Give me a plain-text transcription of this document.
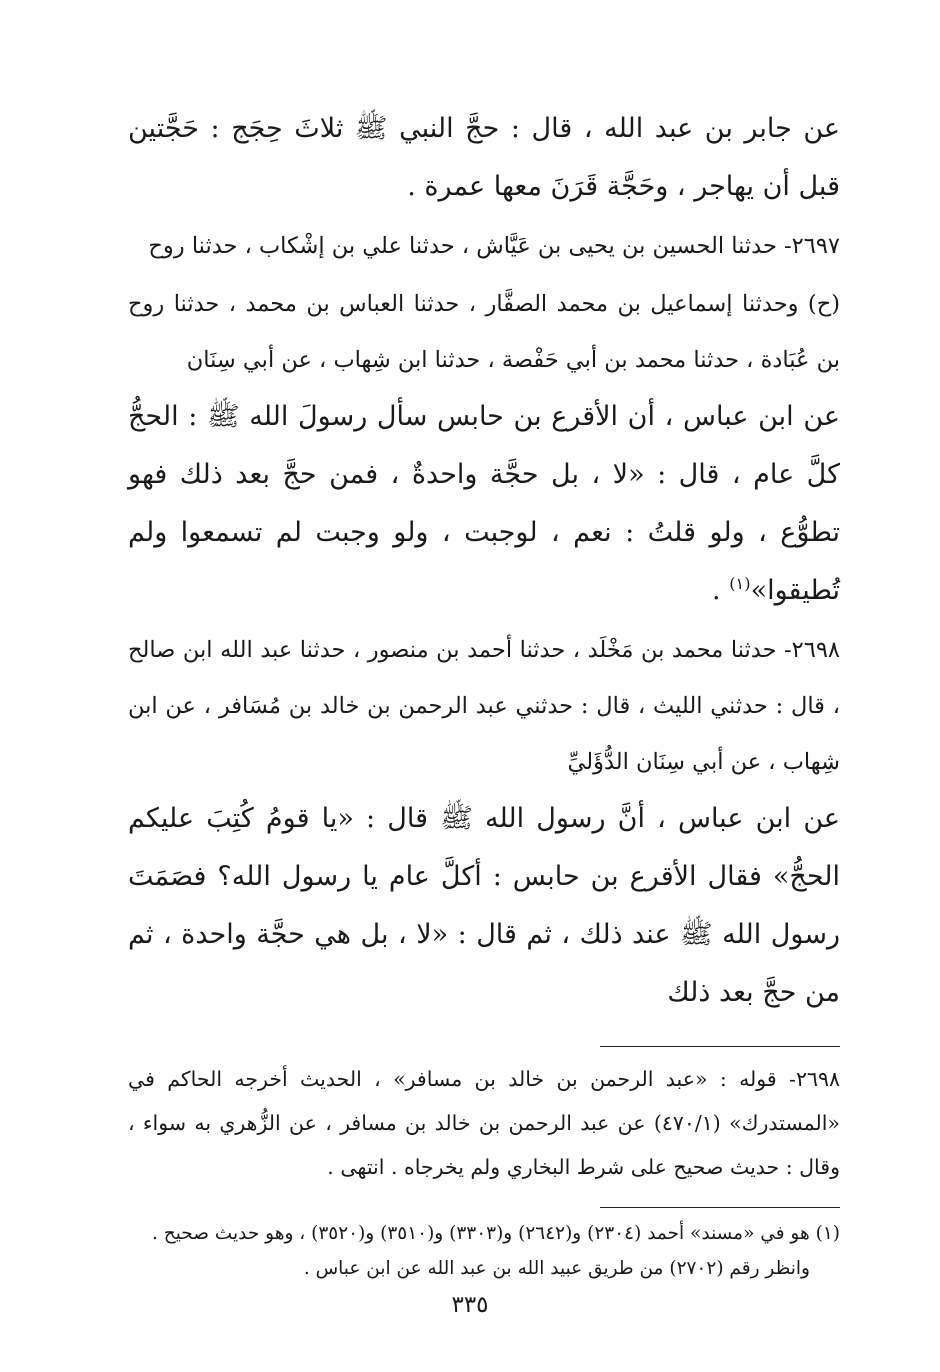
عن جابر بن عبد الله ، قال : حجَّ النبي ﷺ ثلاثَ حِجَج : حَجَّتين قبل أن يهاجر ، وحَجَّة قَرَنَ معها عمرة .

٢٦٩٧- حدثنا الحسين بن يحيى بن عَيَّاش ، حدثنا علي بن إشْكاب ، حدثنا روح

(ح) وحدثنا إسماعيل بن محمد الصفَّار ، حدثنا العباس بن محمد ، حدثنا روح بن عُبَادة ، حدثنا محمد بن أبي حَفْصة ، حدثنا ابن شِهاب ، عن أبي سِنَان

عن ابن عباس ، أن الأقرع بن حابس سأل رسولَ الله ﷺ : الحجُّ كلَّ عام ، قال : «لا ، بل حجَّة واحدةٌ ، فمن حجَّ بعد ذلك فهو تطوُّع ، ولو قلتُ : نعم ، لوجبت ، ولو وجبت لم تسمعوا ولم تُطيقوا»$^{(١)}$ .

٢٦٩٨- حدثنا محمد بن مَخْلَد ، حدثنا أحمد بن منصور ، حدثنا عبد الله ابن صالح ، قال : حدثني الليث ، قال : حدثني عبد الرحمن بن خالد بن مُسَافر ، عن ابن شِهاب ، عن أبي سِنَان الدُّؤَليِّ

عن ابن عباس ، أنَّ رسول الله ﷺ قال : «يا قومُ كُتِبَ عليكم الحجُّ» فقال الأقرع بن حابس : أكلَّ عام يا رسول الله؟ فصَمَتَ رسول الله ﷺ عند ذلك ، ثم قال : «لا ، بل هي حجَّة واحدة ، ثم من حجَّ بعد ذلك

٢٦٩٨- قوله : «عبد الرحمن بن خالد بن مسافر» ، الحديث أخرجه الحاكم في «المستدرك» (٤٧٠/١) عن عبد الرحمن بن خالد بن مسافر ، عن الزُّهري به سواء ، وقال : حديث صحيح على شرط البخاري ولم يخرجاه . انتهى .

(١) هو في «مسند» أحمد (٢٣٠٤) و(٢٦٤٢) و(٣٣٠٣) و(٣٥١٠) و(٣٥٢٠) ، وهو حديث صحيح .

وانظر رقم (٢٧٠٢) من طريق عبيد الله بن عبد الله عن ابن عباس .

٣٣٥
